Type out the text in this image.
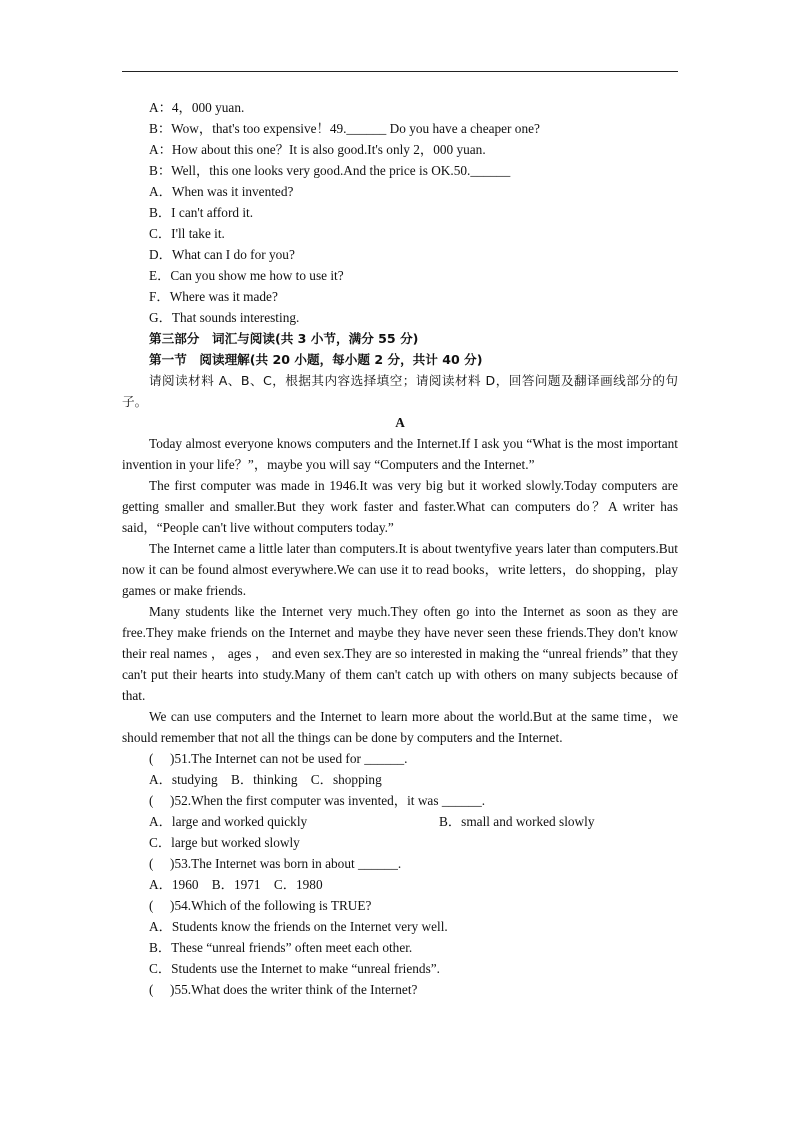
A：4，000 yuan.
B：Wow，that's too expensive！49.______ Do you have a cheaper one?
A：How about this one？It is also good.It's only 2，000 yuan.
B：Well，this one looks very good.And the price is OK.50.______
A．When was it invented?
B．I can't afford it.
C．I'll take it.
D．What can I do for you?
E．Can you show me how to use it?
F．Where was it made?
G．That sounds interesting.
第三部分　词汇与阅读(共 3 小节，满分 55 分)
第一节　阅读理解(共 20 小题，每小题 2 分，共计 40 分)
请阅读材料 A、B、C，根据其内容选择填空；请阅读材料 D，回答问题及翻译画线部分的句子。
A
Today almost everyone knows computers and the Internet.If I ask you “What is the most important invention in your life？”，maybe you will say “Computers and the Internet.”
The first computer was made in 1946.It was very big but it worked slowly.Today computers are getting smaller and smaller.But they work faster and faster.What can computers do？A writer has said，“People can't live without computers today.”
The Internet came a little later than computers.It is about twentyfive years later than computers.But now it can be found almost everywhere.We can use it to read books，write letters，do shopping，play games or make friends.
Many students like the Internet very much.They often go into the Internet as soon as they are free.They make friends on the Internet and maybe they have never seen these friends.They don't know their real names ， ages ， and even sex.They are so interested in making the “unreal friends” that they can't put their hearts into study.Many of them can't catch up with others on many subjects because of that.
We can use computers and the Internet to learn more about the world.But at the same time，we should remember that not all the things can be done by computers and the Internet.
(　 )51.The Internet can not be used for ______.
A．studying　B．thinking　C．shopping
(　 )52.When the first computer was invented，it was ______.
A．large and worked quickly	B．small and worked slowly
C．large but worked slowly
(　 )53.The Internet was born in about ______.
A．1960　B．1971　C．1980
(　 )54.Which of the following is TRUE?
A．Students know the friends on the Internet very well.
B．These “unreal friends” often meet each other.
C．Students use the Internet to make “unreal friends”.
(　 )55.What does the writer think of the Internet?
